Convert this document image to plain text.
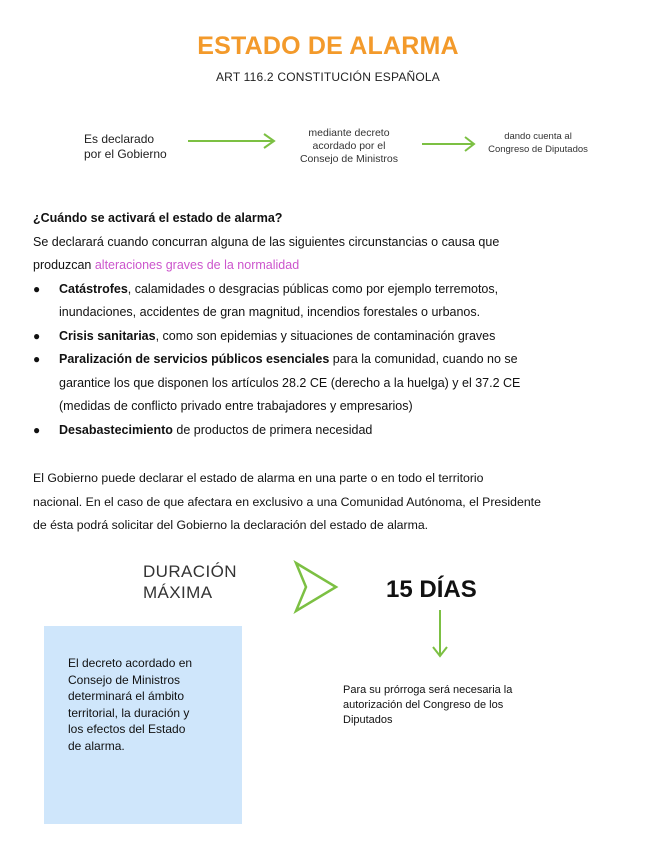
ESTADO DE ALARMA
ART 116.2 CONSTITUCIÓN ESPAÑOLA
Es declarado
por el Gobierno
mediante decreto
acordado por el
Consejo de Ministros
dando cuenta al
Congreso de Diputados
¿Cuándo se activará el estado de alarma?
Se declarará cuando concurran alguna de las siguientes circunstancias o causa que
produzcan alteraciones graves de la normalidad
● Catástrofes, calamidades o desgracias públicas como por ejemplo terremotos,
inundaciones, accidentes de gran magnitud, incendios forestales o urbanos.
● Crisis sanitarias, como son epidemias y situaciones de contaminación graves
● Paralización de servicios públicos esenciales para la comunidad, cuando no se
garantice los que disponen los artículos 28.2 CE (derecho a la huelga) y el 37.2 CE
(medidas de conflicto privado entre trabajadores y empresarios)
● Desabastecimiento de productos de primera necesidad
El Gobierno puede declarar el estado de alarma en una parte o en todo el territorio
nacional. En el caso de que afectara en exclusivo a una Comunidad Autónoma, el Presidente
de ésta podrá solicitar del Gobierno la declaración del estado de alarma.
DURACIÓN
MÁXIMA	15 DÍAS
El decreto acordado en
Consejo de Ministros
determinará el ámbito
territorial, la duración y
los efectos del Estado
de alarma.
Para su prórroga será necesaria la
autorización del Congreso de los
Diputados
